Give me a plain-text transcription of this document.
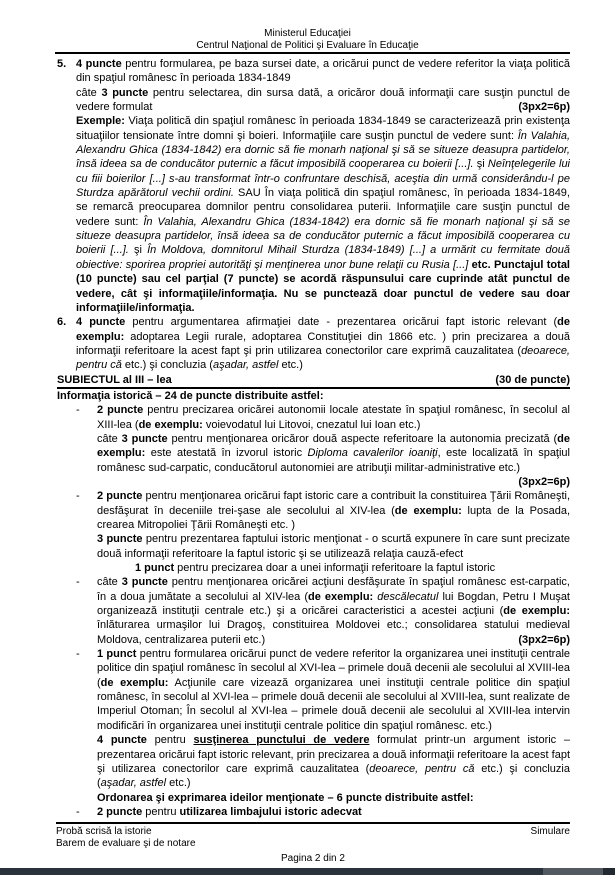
Ministerul Educaţiei
Centrul Naţional de Politici şi Evaluare în Educaţie
5. 4 puncte pentru formularea, pe baza sursei date, a oricărui punct de vedere referitor la viaţa politică din spaţiul românesc în perioada 1834-1849
câte 3 puncte pentru selectarea, din sursa dată, a oricăror două informaţii care susţin punctul de vedere formulat	(3px2=6p)
Exemple: Viaţa politică din spaţiul românesc în perioada 1834-1849 se caracterizează prin existenţa situaţiilor tensionate între domni şi boieri. Informaţiile care susţin punctul de vedere sunt: În Valahia, Alexandru Ghica (1834-1842) era dornic să fie monarh naţional şi să se situeze deasupra partidelor, însă ideea sa de conducător puternic a făcut imposibilă cooperarea cu boierii [...]. şi Neînţelegerile lui cu fiii boierilor [...] s-au transformat într-o confruntare deschisă, aceştia din urmă considerându-l pe Sturdza apărătorul vechii ordini. SAU În viaţa politică din spaţiul românesc, în perioada 1834-1849, se remarcă preocuparea domnilor pentru consolidarea puterii. Informaţiile care susţin punctul de vedere sunt: În Valahia, Alexandru Ghica (1834-1842) era dornic să fie monarh naţional şi să se situeze deasupra partidelor, însă ideea sa de conducător puternic a făcut imposibilă cooperarea cu boierii [...]. şi În Moldova, domnitorul Mihail Sturdza (1834-1849) [...] a urmărit cu fermitate două obiective: sporirea propriei autorităţi şi menţinerea unor bune relaţii cu Rusia [...] etc. Punctajul total (10 puncte) sau cel parţial (7 puncte) se acordă răspunsului care cuprinde atât punctul de vedere, cât şi informaţiile/informaţia. Nu se punctează doar punctul de vedere sau doar informaţiile/informaţia.
6. 4 puncte pentru argumentarea afirmaţiei date - prezentarea oricărui fapt istoric relevant (de exemplu: adoptarea Legii rurale, adoptarea Constituţiei din 1866 etc. ) prin precizarea a două informaţii referitoare la acest fapt şi prin utilizarea conectorilor care exprimă cauzalitatea (deoarece, pentru că etc.) şi concluzia (aşadar, astfel etc.)
SUBIECTUL al III – lea	(30 de puncte)
Informaţia istorică – 24 de puncte distribuite astfel:
-	2 puncte pentru precizarea oricărei autonomii locale atestate în spaţiul românesc, în secolul al XIII-lea (de exemplu: voievodatul lui Litovoi, cnezatul lui Ioan etc.)
câte 3 puncte pentru menţionarea oricăror două aspecte referitoare la autonomia precizată (de exemplu: este atestată în izvorul istoric Diploma cavalerilor ioaniţi, este localizată în spaţiul românesc sud-carpatic, conducătorul autonomiei are atribuţii militar-administrative etc.)
(3px2=6p)
-	2 puncte pentru menţionarea oricărui fapt istoric care a contribuit la constituirea Ţării Româneşti, desfăşurat în deceniile trei-şase ale secolului al XIV-lea (de exemplu: lupta de la Posada, crearea Mitropoliei Ţării Româneşti etc. )
3 puncte pentru prezentarea faptului istoric menţionat - o scurtă expunere în care sunt precizate două informaţii referitoare la faptul istoric şi se utilizează relaţia cauză-efect
1 punct pentru precizarea doar a unei informaţii referitoare la faptul istoric
-	câte 3 puncte pentru menţionarea oricărei acţiuni desfăşurate în spaţiul românesc est-carpatic, în a doua jumătate a secolului al XIV-lea (de exemplu: descălecatul lui Bogdan, Petru I Muşat organizează instituţii centrale etc.) şi a oricărei caracteristici a acestei acţiuni (de exemplu: înlăturarea urmaşilor lui Dragoş, constituirea Moldovei etc.; consolidarea statului medieval Moldova, centralizarea puterii etc.)	(3px2=6p)
-	1 punct pentru formularea oricărui punct de vedere referitor la organizarea unei instituţii centrale politice din spaţiul românesc în secolul al XVI-lea – primele două decenii ale secolului al XVIII-lea (de exemplu: Acţiunile care vizează organizarea unei instituţii centrale politice din spaţiul românesc, în secolul al XVI-lea – primele două decenii ale secolului al XVIII-lea, sunt realizate de Imperiul Otoman; În secolul al XVI-lea – primele două decenii ale secolului al XVIII-lea intervin modificări în organizarea unei instituţii centrale politice din spaţiul românesc. etc.)
4 puncte pentru susţinerea punctului de vedere formulat printr-un argument istoric – prezentarea oricărui fapt istoric relevant, prin precizarea a două informaţii referitoare la acest fapt şi utilizarea conectorilor care exprimă cauzalitatea (deoarece, pentru că etc.) şi concluzia (aşadar, astfel etc.)
Ordonarea şi exprimarea ideilor menţionate – 6 puncte distribuite astfel:
-	2 puncte pentru utilizarea limbajului istoric adecvat
Probă scrisă la istorie	Simulare
Barem de evaluare şi de notare
Pagina 2 din 2
